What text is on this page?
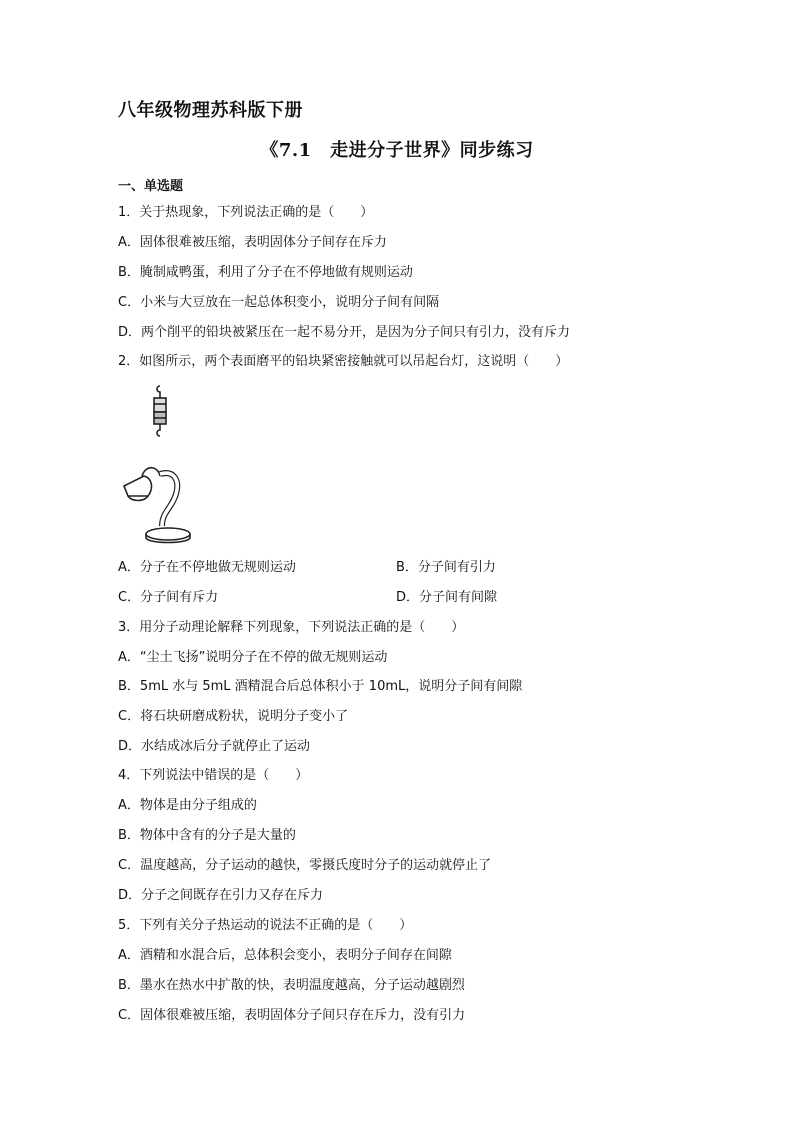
八年级物理苏科版下册
《7.1　走进分子世界》同步练习
一、单选题
1．关于热现象，下列说法正确的是（　　）
A．固体很难被压缩，表明固体分子间存在斥力
B．腌制咸鸭蛋，利用了分子在不停地做有规则运动
C．小米与大豆放在一起总体积变小，说明分子间有间隔
D．两个削平的铅块被紧压在一起不易分开，是因为分子间只有引力，没有斥力
2．如图所示，两个表面磨平的铅块紧密接触就可以吊起台灯，这说明（　　）
A．分子在不停地做无规则运动	B．分子间有引力
C．分子间有斥力	D．分子间有间隙
3．用分子动理论解释下列现象，下列说法正确的是（　　）
A．“尘土飞扬”说明分子在不停的做无规则运动
B．5mL 水与 5mL 酒精混合后总体积小于 10mL，说明分子间有间隙
C．将石块研磨成粉状，说明分子变小了
D．水结成冰后分子就停止了运动
4．下列说法中错误的是（　　）
A．物体是由分子组成的
B．物体中含有的分子是大量的
C．温度越高，分子运动的越快，零摄氏度时分子的运动就停止了
D．分子之间既存在引力又存在斥力
5．下列有关分子热运动的说法不正确的是（　　）
A．酒精和水混合后，总体积会变小，表明分子间存在间隙
B．墨水在热水中扩散的快，表明温度越高，分子运动越剧烈
C．固体很难被压缩，表明固体分子间只存在斥力，没有引力
